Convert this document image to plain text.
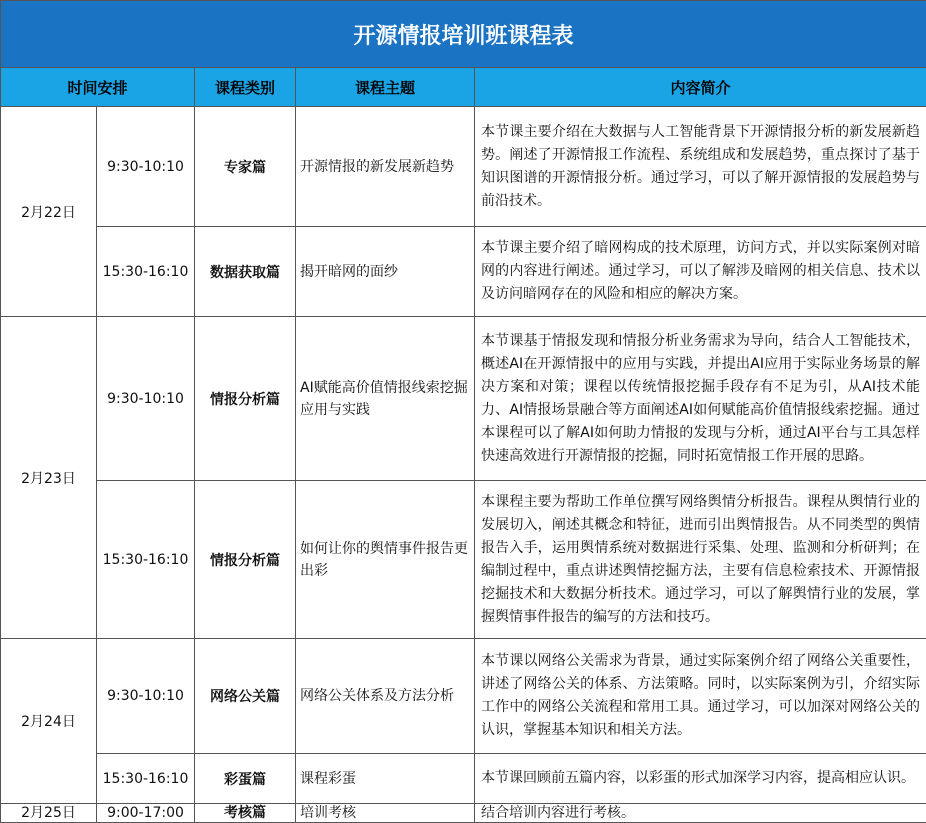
开源情报培训班课程表				
时间安排		课程类别	课程主题	内容简介
2月22日	9:30-10:10	专家篇	开源情报的新发展新趋势	本节课主要介绍在大数据与人工智能背景下开源情报分析的新发展新趋势。阐述了开源情报工作流程、系统组成和发展趋势，重点探讨了基于知识图谱的开源情报分析。通过学习，可以了解开源情报的发展趋势与前沿技术。
	15:30-16:10	数据获取篇	揭开暗网的面纱	本节课主要介绍了暗网构成的技术原理，访问方式，并以实际案例对暗网的内容进行阐述。通过学习，可以了解涉及暗网的相关信息、技术以及访问暗网存在的风险和相应的解决方案。
2月23日	9:30-10:10	情报分析篇	AI赋能高价值情报线索挖掘应用与实践	本节课基于情报发现和情报分析业务需求为导向，结合人工智能技术，概述AI在开源情报中的应用与实践，并提出AI应用于实际业务场景的解决方案和对策；课程以传统情报挖掘手段存有不足为引，从AI技术能力、AI情报场景融合等方面阐述AI如何赋能高价值情报线索挖掘。通过本课程可以了解AI如何助力情报的发现与分析，通过AI平台与工具怎样快速高效进行开源情报的挖掘，同时拓宽情报工作开展的思路。
	15:30-16:10	情报分析篇	如何让你的舆情事件报告更出彩	本课程主要为帮助工作单位撰写网络舆情分析报告。课程从舆情行业的发展切入，阐述其概念和特征，进而引出舆情报告。从不同类型的舆情报告入手，运用舆情系统对数据进行采集、处理、监测和分析研判；在编制过程中，重点讲述舆情挖掘方法，主要有信息检索技术、开源情报挖掘技术和大数据分析技术。通过学习，可以了解舆情行业的发展，掌握舆情事件报告的编写的方法和技巧。
2月24日	9:30-10:10	网络公关篇	网络公关体系及方法分析	本节课以网络公关需求为背景，通过实际案例介绍了网络公关重要性，讲述了网络公关的体系、方法策略。同时，以实际案例为引，介绍实际工作中的网络公关流程和常用工具。通过学习，可以加深对网络公关的认识，掌握基本知识和相关方法。
	15:30-16:10	彩蛋篇	课程彩蛋	本节课回顾前五篇内容，以彩蛋的形式加深学习内容，提高相应认识。
2月25日	9:00-17:00	考核篇	培训考核	结合培训内容进行考核。
